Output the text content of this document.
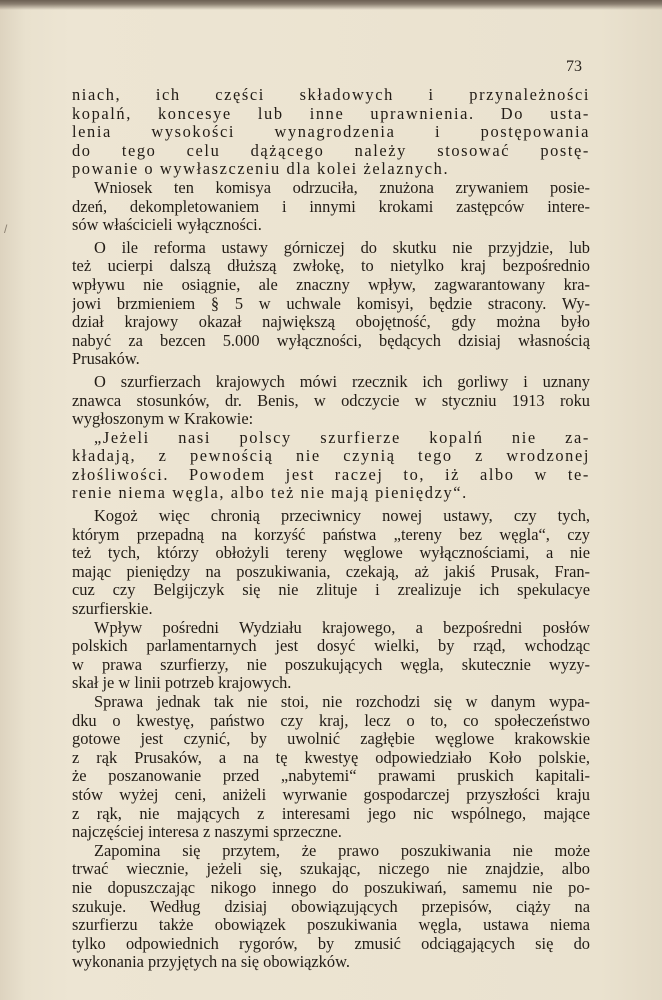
73
/
niach, ich części składowych i przynależności
kopalń, koncesye lub inne uprawnienia. Do usta-
lenia wysokości wynagrodzenia i postępowania
do tego celu dążącego należy stosować postę-
powanie o wywłaszczeniu dla kolei żelaznych.
Wniosek ten komisya odrzuciła, znużona zrywaniem posie-
dzeń, dekompletowaniem i innymi krokami zastępców intere-
sów właścicieli wyłączności.
O ile reforma ustawy górniczej do skutku nie przyjdzie, lub
też ucierpi dalszą dłuższą zwłokę, to nietylko kraj bezpośrednio
wpływu nie osiągnie, ale znaczny wpływ, zagwarantowany kra-
jowi brzmieniem § 5 w uchwale komisyi, będzie stracony. Wy-
dział krajowy okazał największą obojętność, gdy można było
nabyć za bezcen 5.000 wyłączności, będących dzisiaj własnością
Prusaków.
O szurfierzach krajowych mówi rzecznik ich gorliwy i uznany
znawca stosunków, dr. Benis, w odczycie w styczniu 1913 roku
wygłoszonym w Krakowie:
„Jeżeli nasi polscy szurfierze kopalń nie za-
kładają, z pewnością nie czynią tego z wrodzonej
złośliwości. Powodem jest raczej to, iż albo w te-
renie niema węgla, albo też nie mają pieniędzy“.
Kogoż więc chronią przeciwnicy nowej ustawy, czy tych,
którym przepadną na korzyść państwa „tereny bez węgla“, czy
też tych, którzy obłożyli tereny węglowe wyłącznościami, a nie
mając pieniędzy na poszukiwania, czekają, aż jakiś Prusak, Fran-
cuz czy Belgijczyk się nie zlituje i zrealizuje ich spekulacye
szurfierskie.
Wpływ pośredni Wydziału krajowego, a bezpośredni posłów
polskich parlamentarnych jest dosyć wielki, by rząd, wchodząc
w prawa szurfierzy, nie poszukujących węgla, skutecznie wyzy-
skał je w linii potrzeb krajowych.
Sprawa jednak tak nie stoi, nie rozchodzi się w danym wypa-
dku o kwestyę, państwo czy kraj, lecz o to, co społeczeństwo
gotowe jest czynić, by uwolnić zagłębie węglowe krakowskie
z rąk Prusaków, a na tę kwestyę odpowiedziało Koło polskie,
że poszanowanie przed „nabytemi“ prawami pruskich kapitali-
stów wyżej ceni, aniżeli wyrwanie gospodarczej przyszłości kraju
z rąk, nie mających z interesami jego nic wspólnego, mające
najczęściej interesa z naszymi sprzeczne.
Zapomina się przytem, że prawo poszukiwania nie może
trwać wiecznie, jeżeli się, szukając, niczego nie znajdzie, albo
nie dopuszczając nikogo innego do poszukiwań, samemu nie po-
szukuje. Według dzisiaj obowiązujących przepisów, ciąży na
szurfierzu także obowiązek poszukiwania węgla, ustawa niema
tylko odpowiednich rygorów, by zmusić odciągających się do
wykonania przyjętych na się obowiązków.
